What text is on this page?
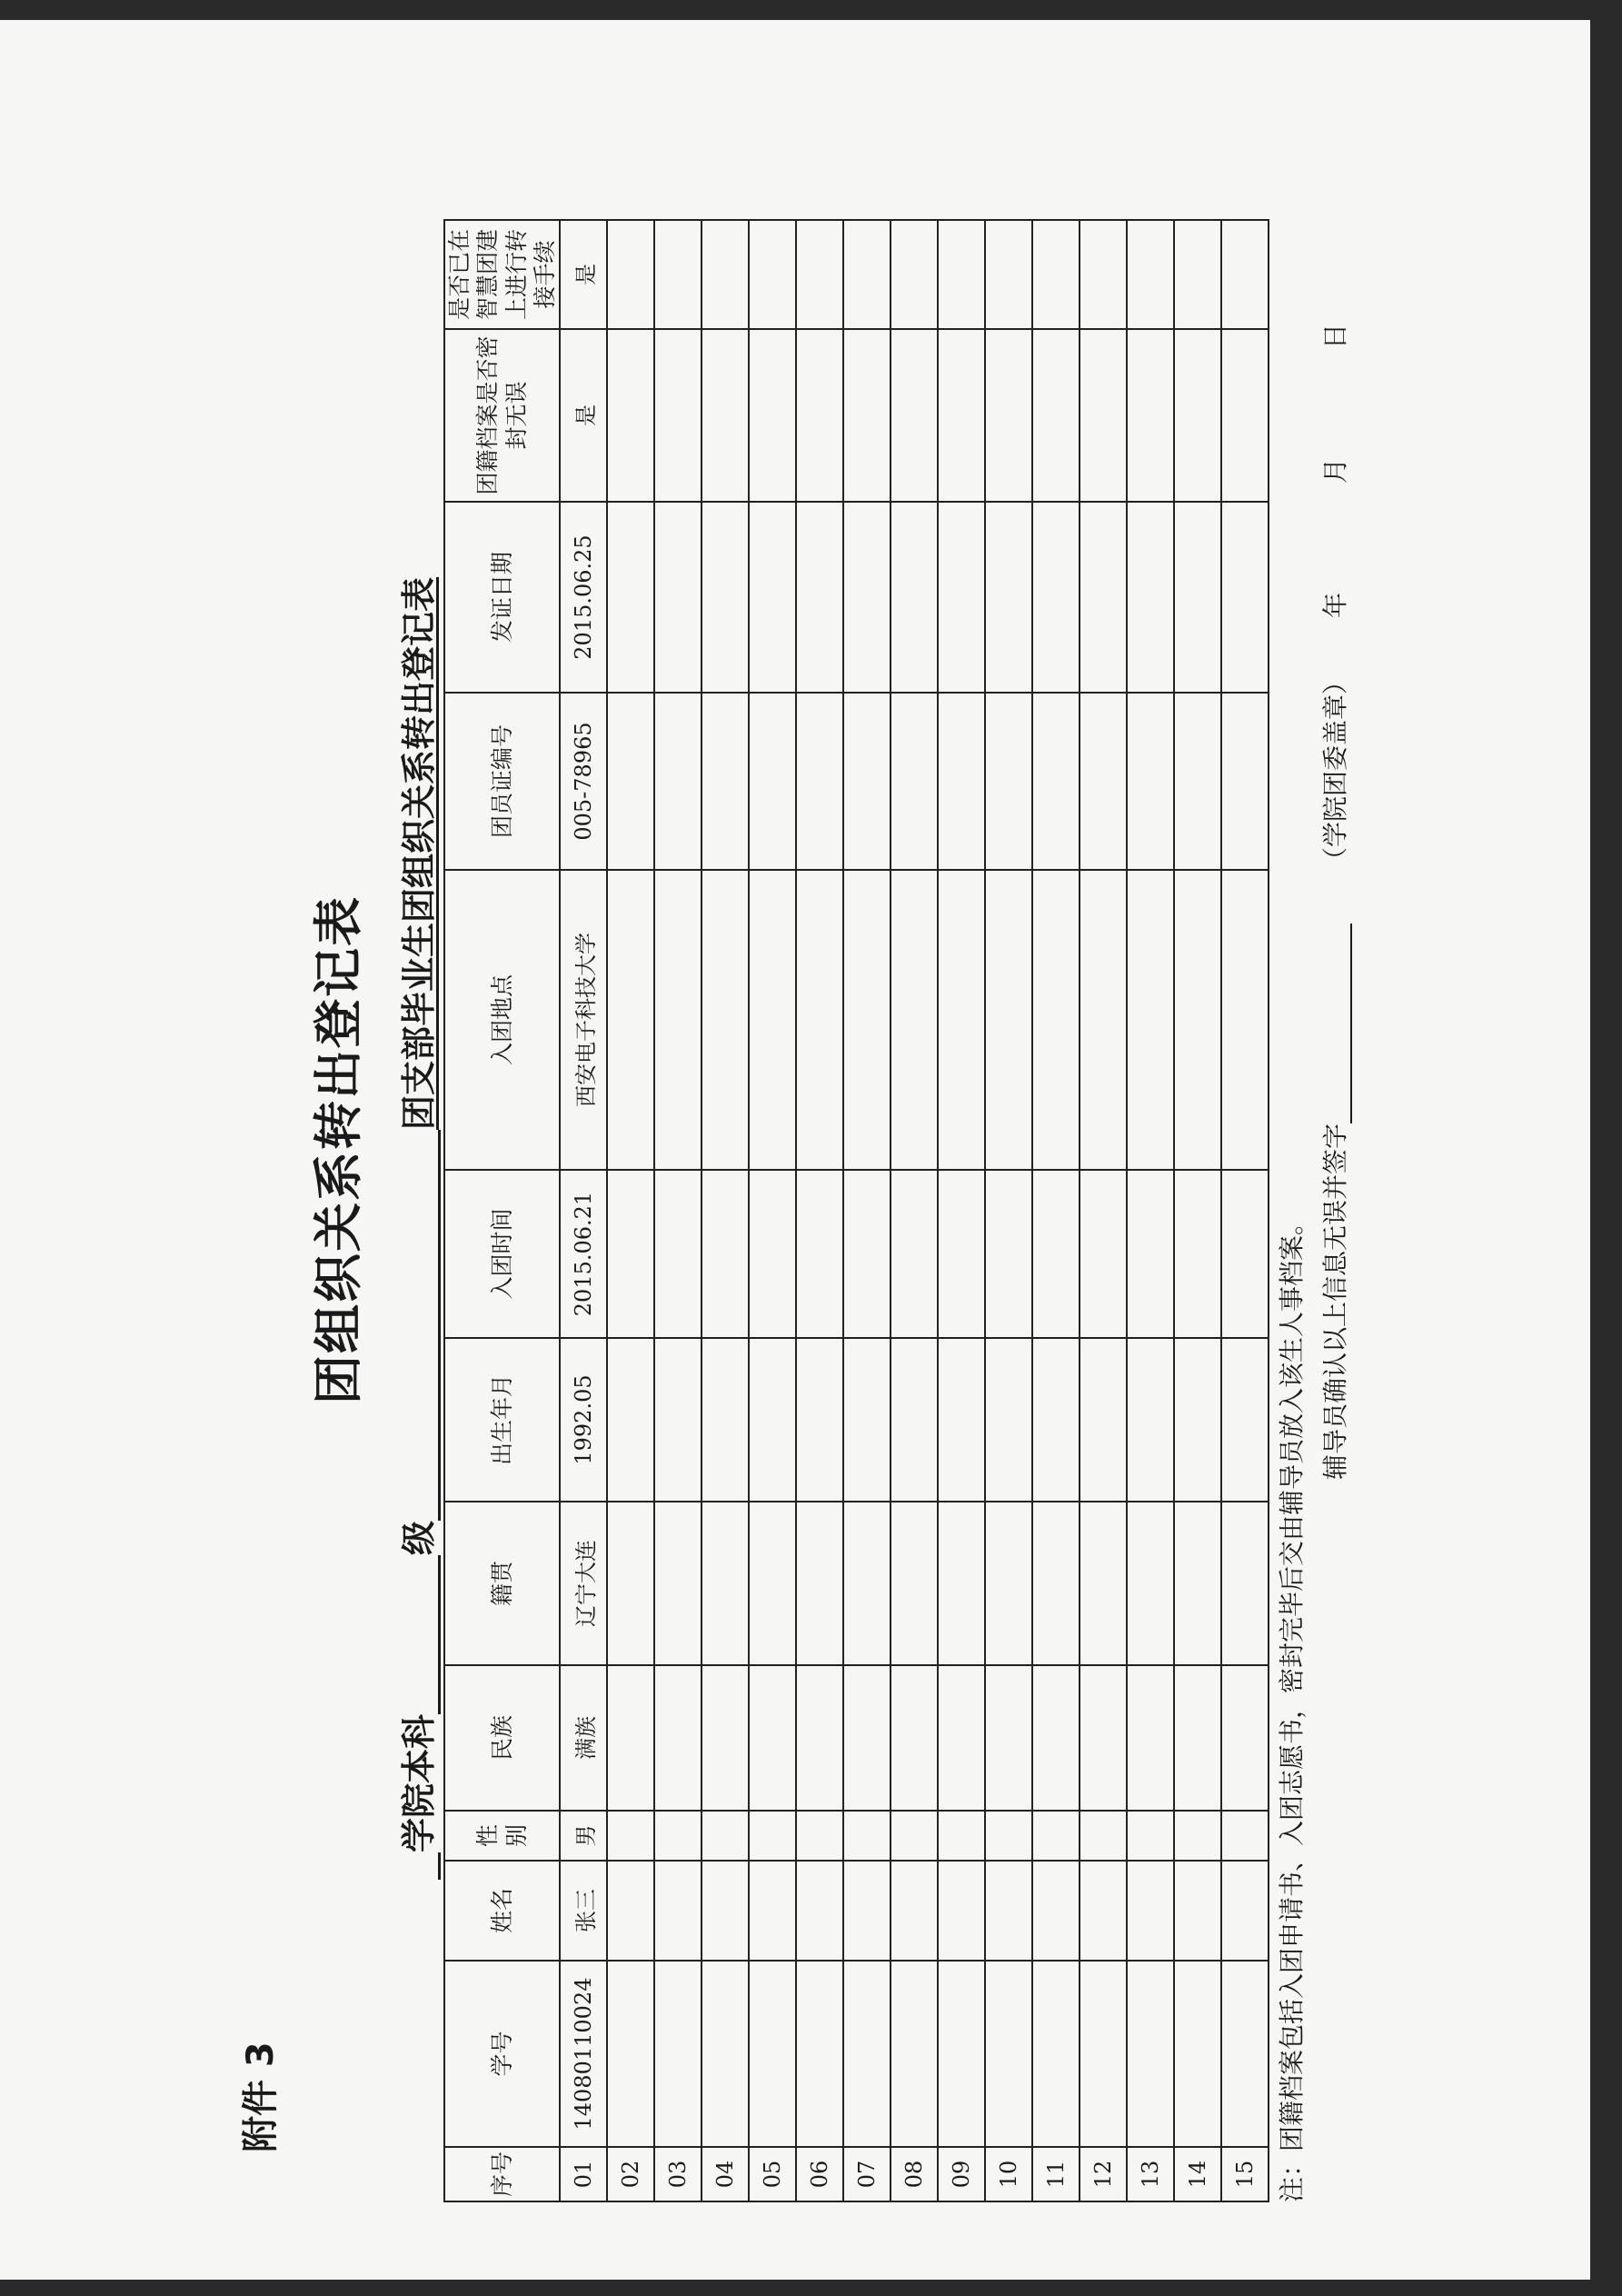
附件 3
团组织关系转出登记表
学院本科级团支部毕业生团组织关系转出登记表
序号	学号	姓名	性别	民族	籍贯	出生年月	入团时间	入团地点	团员证编号	发证日期	团籍档案是否密封无误	是否已在智慧团建上进行转接手续
01	14080110024	张三	男	满族	辽宁大连	1992.05	2015.06.21	西安电子科技大学	005-78965	2015.06.25	是	是
02												
03												
04												
05												
06												
07												
08												
09												
10												
11												
12												
13												
14												
15												注：团籍档案包括入团申请书、入团志愿书，密封完毕后交由辅导员放入该生人事档案。 辅导员确认以上信息无误并签字（学院团委盖章）年月日
